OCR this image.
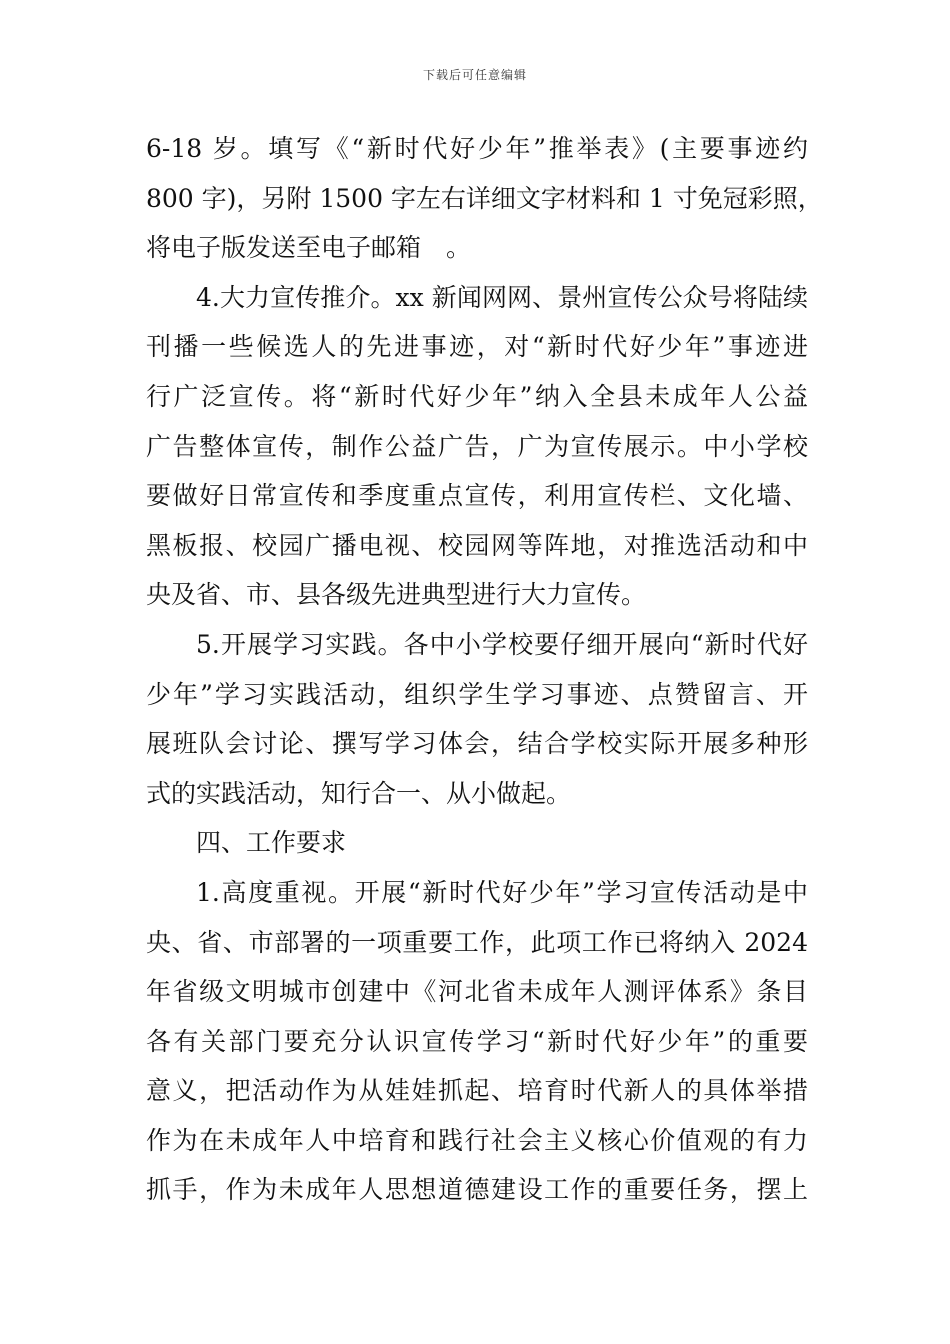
下载后可任意编辑
6-18 岁。填写《“新时代好少年”推举表》(主要事迹约
800 字)，另附 1500 字左右详细文字材料和 1 寸免冠彩照，
将电子版发送至电子邮箱　。
4.大力宣传推介。xx 新闻网网、景州宣传公众号将陆续
刊播一些候选人的先进事迹，对“新时代好少年”事迹进
行广泛宣传。将“新时代好少年”纳入全县未成年人公益
广告整体宣传，制作公益广告，广为宣传展示。中小学校
要做好日常宣传和季度重点宣传，利用宣传栏、文化墙、
黑板报、校园广播电视、校园网等阵地，对推选活动和中
央及省、市、县各级先进典型进行大力宣传。
5.开展学习实践。各中小学校要仔细开展向“新时代好
少年”学习实践活动，组织学生学习事迹、点赞留言、开
展班队会讨论、撰写学习体会，结合学校实际开展多种形
式的实践活动，知行合一、从小做起。
四、工作要求
1.高度重视。开展“新时代好少年”学习宣传活动是中
央、省、市部署的一项重要工作，此项工作已将纳入 2024
年省级文明城市创建中《河北省未成年人测评体系》条目
各有关部门要充分认识宣传学习“新时代好少年”的重要
意义，把活动作为从娃娃抓起、培育时代新人的具体举措
作为在未成年人中培育和践行社会主义核心价值观的有力
抓手，作为未成年人思想道德建设工作的重要任务，摆上
